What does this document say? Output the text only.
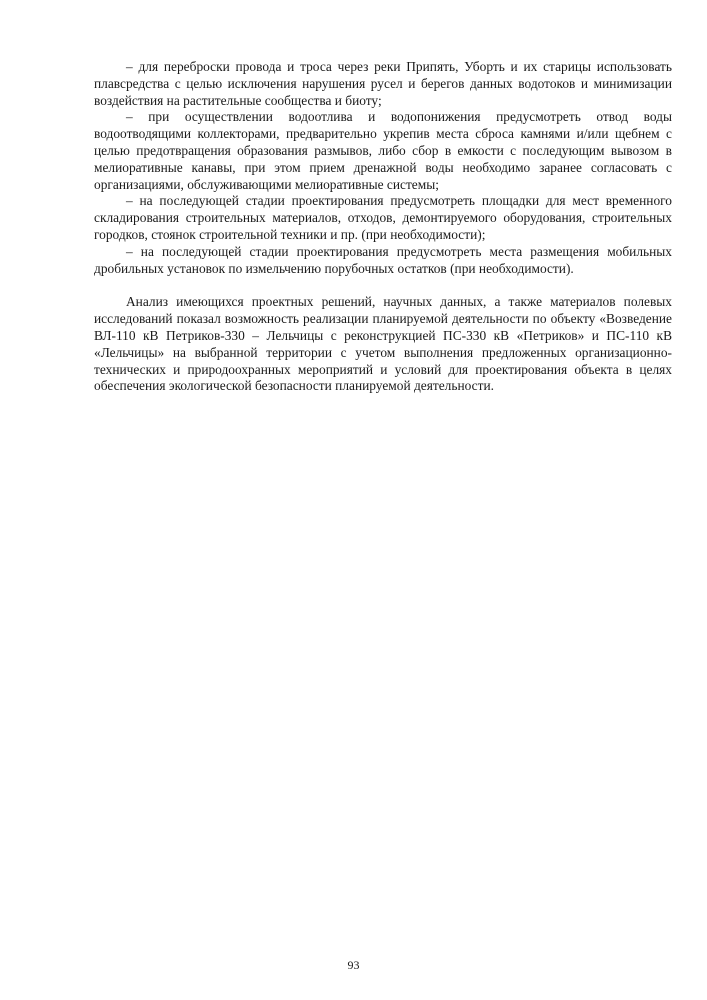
– для переброски провода и троса через реки Припять, Уборть и их старицы использовать плавсредства с целью исключения нарушения русел и берегов данных водотоков и минимизации воздействия на растительные сообщества и биоту;

– при осуществлении водоотлива и водопонижения предусмотреть отвод воды водоотводящими коллекторами, предварительно укрепив места сброса камнями и/или щебнем с целью предотвращения образования размывов, либо сбор в емкости с последующим вывозом в мелиоративные канавы, при этом прием дренажной воды необходимо заранее согласовать с организациями, обслуживающими мелиоративные системы;

– на последующей стадии проектирования предусмотреть площадки для мест временного складирования строительных материалов, отходов, демонтируемого оборудования, строительных городков, стоянок строительной техники и пр. (при необходимости);

– на последующей стадии проектирования предусмотреть места размещения мобильных дробильных установок по измельчению порубочных остатков (при необходимости).

Анализ имеющихся проектных решений, научных данных, а также материалов полевых исследований показал возможность реализации планируемой деятельности по объекту «Возведение ВЛ-110 кВ Петриков-330 – Лельчицы с реконструкцией ПС-330 кВ «Петриков» и ПС-110 кВ «Лельчицы» на выбранной территории с учетом выполнения предложенных организационно-технических и природоохранных мероприятий и условий для проектирования объекта в целях обеспечения экологической безопасности планируемой деятельности.

93
